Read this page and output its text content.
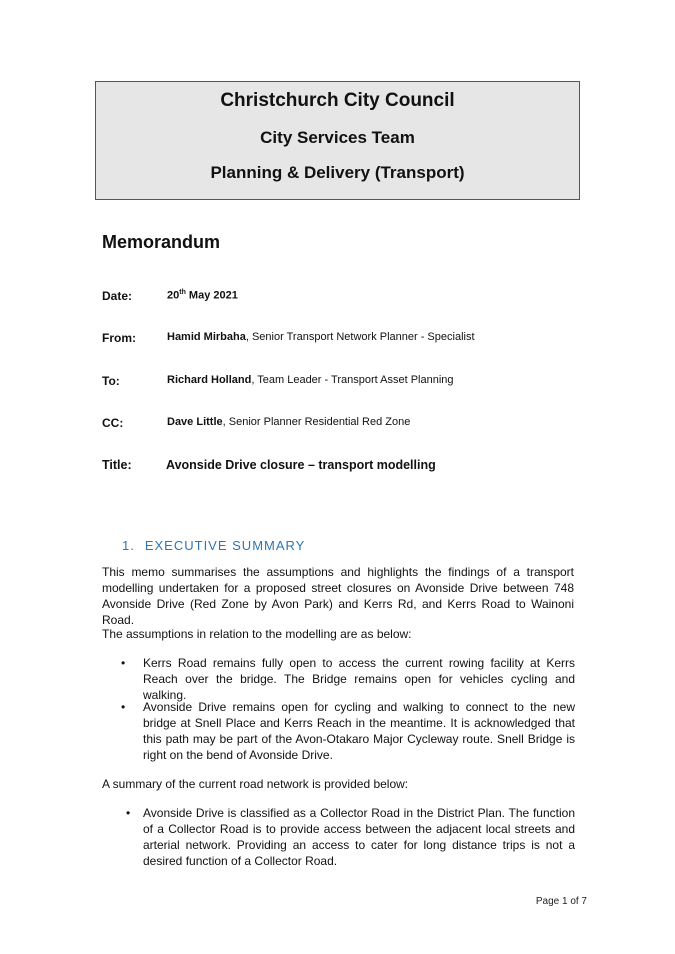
Christchurch City Council
City Services Team
Planning & Delivery (Transport)
Memorandum
Date:	20th May 2021
From:	Hamid Mirbaha, Senior Transport Network Planner - Specialist
To:	Richard Holland, Team Leader - Transport Asset Planning
CC:	Dave Little, Senior Planner Residential Red Zone
Title:	Avonside Drive closure – transport modelling
1. EXECUTIVE SUMMARY
This memo summarises the assumptions and highlights the findings of a transport modelling undertaken for a proposed street closures on Avonside Drive between 748 Avonside Drive (Red Zone by Avon Park) and Kerrs Rd, and Kerrs Road to Wainoni Road.
The assumptions in relation to the modelling are as below:
• Kerrs Road remains fully open to access the current rowing facility at Kerrs Reach over the bridge. The Bridge remains open for vehicles cycling and walking.
• Avonside Drive remains open for cycling and walking to connect to the new bridge at Snell Place and Kerrs Reach in the meantime. It is acknowledged that this path may be part of the Avon-Otakaro Major Cycleway route. Snell Bridge is right on the bend of Avonside Drive.
A summary of the current road network is provided below:
• Avonside Drive is classified as a Collector Road in the District Plan. The function of a Collector Road is to provide access between the adjacent local streets and arterial network. Providing an access to cater for long distance trips is not a desired function of a Collector Road.
Page 1 of 7
